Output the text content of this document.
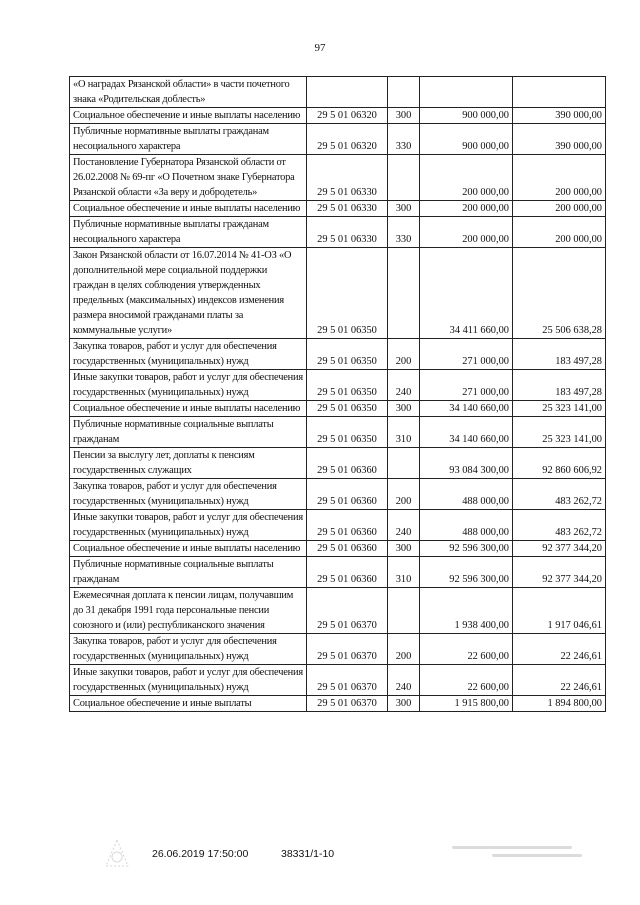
97
«О наградах Рязанской области» в части почетного знака «Родительская доблесть»				
Социальное обеспечение и иные выплаты населению	29 5 01 06320	300	900 000,00	390 000,00
Публичные нормативные выплаты гражданам несоциального характера	29 5 01 06320	330	900 000,00	390 000,00
Постановление Губернатора Рязанской области от 26.02.2008 № 69-пг «О Почетном знаке Губернатора Рязанской области «За веру и добродетель»	29 5 01 06330		200 000,00	200 000,00
Социальное обеспечение и иные выплаты населению	29 5 01 06330	300	200 000,00	200 000,00
Публичные нормативные выплаты гражданам несоциального характера	29 5 01 06330	330	200 000,00	200 000,00
Закон Рязанской области от 16.07.2014 № 41-ОЗ «О дополнительной мере социальной поддержки граждан в целях соблюдения утвержденных предельных (максимальных) индексов изменения размера вносимой гражданами платы за коммунальные услуги»	29 5 01 06350		34 411 660,00	25 506 638,28
Закупка товаров, работ и услуг для обеспечения государственных (муниципальных) нужд	29 5 01 06350	200	271 000,00	183 497,28
Иные закупки товаров, работ и услуг для обеспечения государственных (муниципальных) нужд	29 5 01 06350	240	271 000,00	183 497,28
Социальное обеспечение и иные выплаты населению	29 5 01 06350	300	34 140 660,00	25 323 141,00
Публичные нормативные социальные выплаты гражданам	29 5 01 06350	310	34 140 660,00	25 323 141,00
Пенсии за выслугу лет, доплаты к пенсиям государственных служащих	29 5 01 06360		93 084 300,00	92 860 606,92
Закупка товаров, работ и услуг для обеспечения государственных (муниципальных) нужд	29 5 01 06360	200	488 000,00	483 262,72
Иные закупки товаров, работ и услуг для обеспечения государственных (муниципальных) нужд	29 5 01 06360	240	488 000,00	483 262,72
Социальное обеспечение и иные выплаты населению	29 5 01 06360	300	92 596 300,00	92 377 344,20
Публичные нормативные социальные выплаты гражданам	29 5 01 06360	310	92 596 300,00	92 377 344,20
Ежемесячная доплата к пенсии лицам, получавшим до 31 декабря 1991 года персональные пенсии союзного и (или) республиканского значения	29 5 01 06370		1 938 400,00	1 917 046,61
Закупка товаров, работ и услуг для обеспечения государственных (муниципальных) нужд	29 5 01 06370	200	22 600,00	22 246,61
Иные закупки товаров, работ и услуг для обеспечения государственных (муниципальных) нужд	29 5 01 06370	240	22 600,00	22 246,61
Социальное обеспечение и иные выплаты	29 5 01 06370	300	1 915 800,00	1 894 800,00
26.06.2019 17:50:00	38331/1-10
